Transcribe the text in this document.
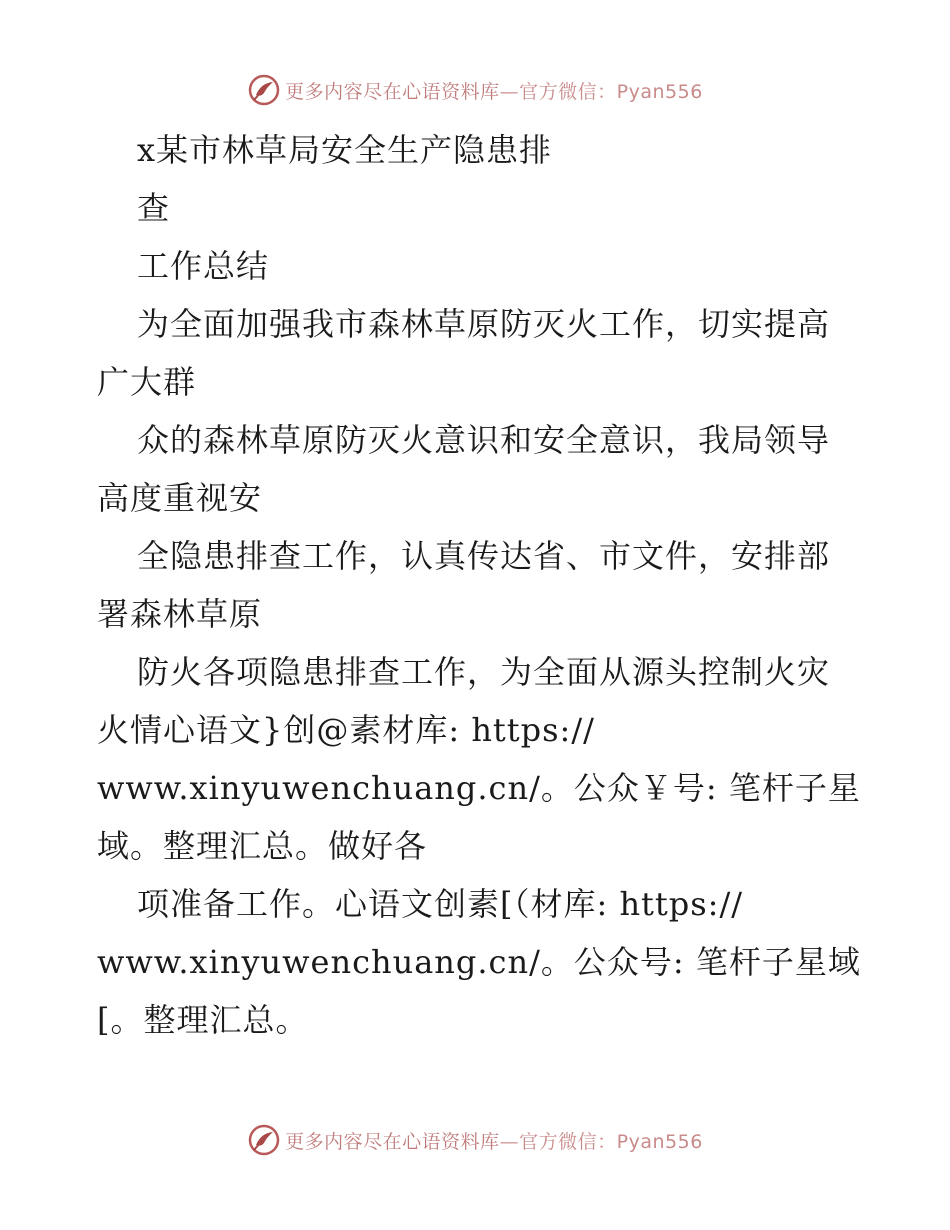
更多内容尽在心语资料库—官方微信：Pyan556
x某市林草局安全生产隐患排
查
工作总结
为全面加强我市森林草原防灭火工作，切实提高
广大群
众的森林草原防灭火意识和安全意识，我局领导
高度重视安
全隐患排查工作，认真传达省、市文件，安排部
署森林草原
防火各项隐患排查工作，为全面从源头控制火灾
火情心语文}创@素材库: https://
www.xinyuwenchuang.cn/。公众￥号: 笔杆子星
域。整理汇总。做好各
项准备工作。心语文创素[（材库: https://
www.xinyuwenchuang.cn/。公众号: 笔杆子星域
[。整理汇总。
更多内容尽在心语资料库—官方微信：Pyan556
